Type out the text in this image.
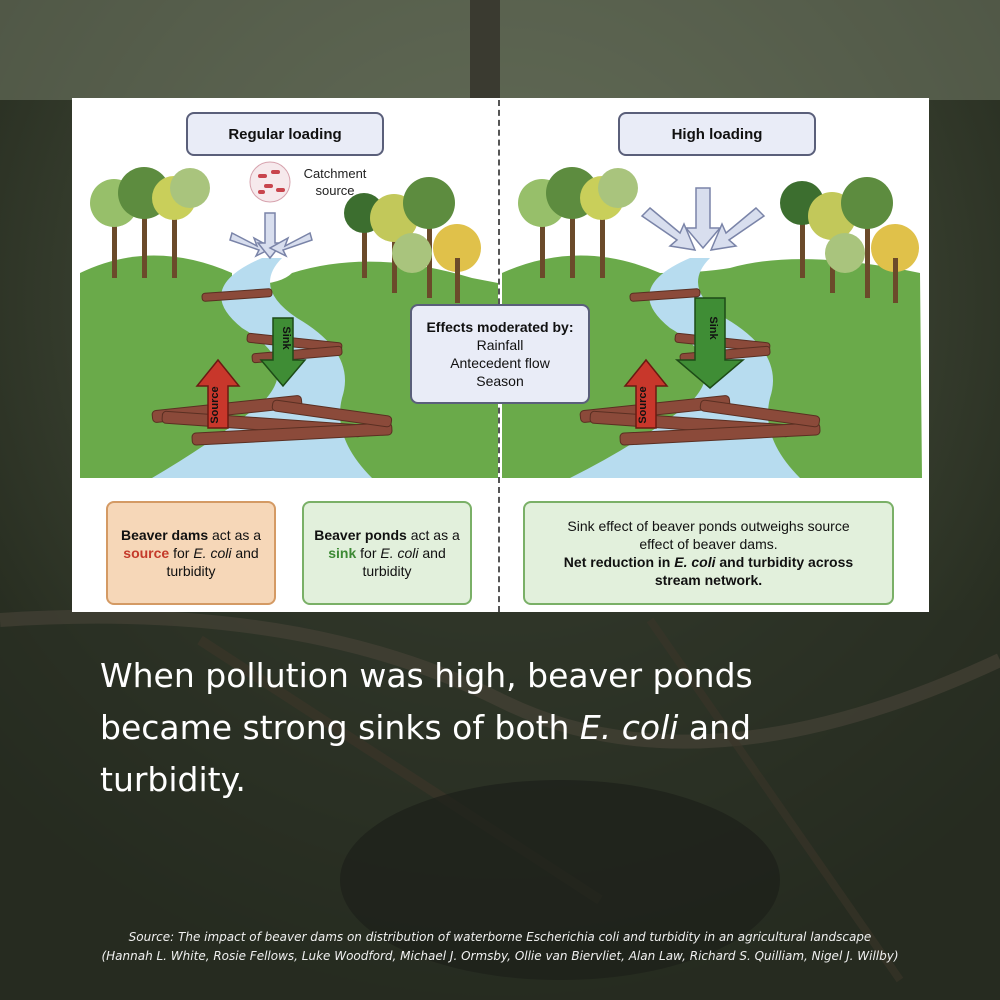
Sink
Source
Sink
Source
Regular loading	High loading
Catchment
source
Effects moderated by:
Rainfall
Antecedent flow
Season
Beaver dams act as a source for E. coli and turbidity
Beaver ponds act as a sink for E. coli and turbidity
Sink effect of beaver ponds outweighs source effect of beaver dams.
Net reduction in E. coli and turbidity across stream network.
When pollution was high, beaver ponds became strong sinks of both E. coli and turbidity.
Source: The impact of beaver dams on distribution of waterborne Escherichia coli and turbidity in an agricultural landscape
(Hannah L. White, Rosie Fellows, Luke Woodford, Michael J. Ormsby, Ollie van Biervliet, Alan Law, Richard S. Quilliam, Nigel J. Willby)
